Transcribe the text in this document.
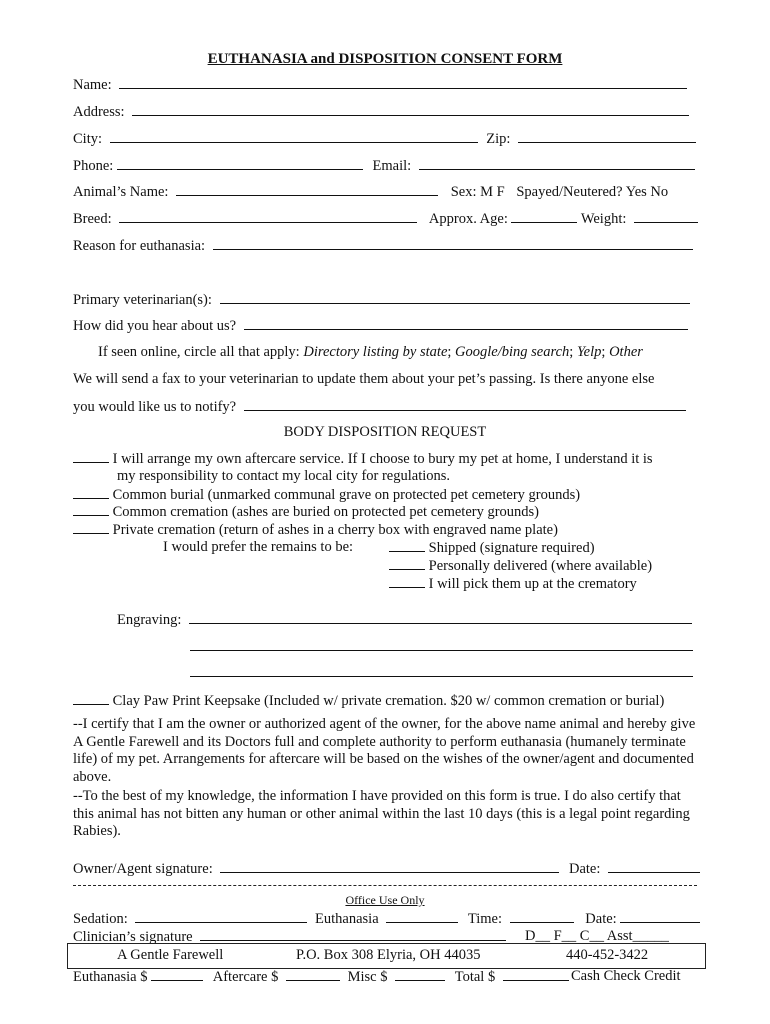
EUTHANASIA and DISPOSITION CONSENT FORM
Name:
Address:
City:	Zip:
Phone:	Email:
Animal’s Name:	Sex: M F Spayed/Neutered? Yes No
Breed:	Approx. Age:	Weight:
Reason for euthanasia:
Primary veterinarian(s):
How did you hear about us?
If seen online, circle all that apply: Directory listing by state; Google/bing search; Yelp; Other
We will send a fax to your veterinarian to update them about your pet’s passing. Is there anyone else
you would like us to notify?
BODY DISPOSITION REQUEST
I will arrange my own aftercare service. If I choose to bury my pet at home, I understand it is
my responsibility to contact my local city for regulations.
Common burial (unmarked communal grave on protected pet cemetery grounds)
Common cremation (ashes are buried on protected pet cemetery grounds)
Private cremation (return of ashes in a cherry box with engraved name plate)
I would prefer the remains to be:	Shipped (signature required)
Personally delivered (where available)
I will pick them up at the crematory
Engraving:
Clay Paw Print Keepsake (Included w/ private cremation. $20 w/ common cremation or burial)
--I certify that I am the owner or authorized agent of the owner, for the above name animal and hereby give A Gentle Farewell and its Doctors full and complete authority to perform euthanasia (humanely terminate life) of my pet. Arrangements for aftercare will be based on the wishes of the owner/agent and documented above.
--To the best of my knowledge, the information I have provided on this form is true. I do also certify that this animal has not bitten any human or other animal within the last 10 days (this is a legal point regarding Rabies).
Owner/Agent signature:	Date:
Office Use Only
Sedation:	Euthanasia	Time:	Date:
Clinician’s signature	D__ F__ C__ Asst_____
A Gentle Farewell	P.O. Box 308 Elyria, OH 44035	440-452-3422
Euthanasia $	Aftercare $	Misc $	Total $	Cash Check Credit
